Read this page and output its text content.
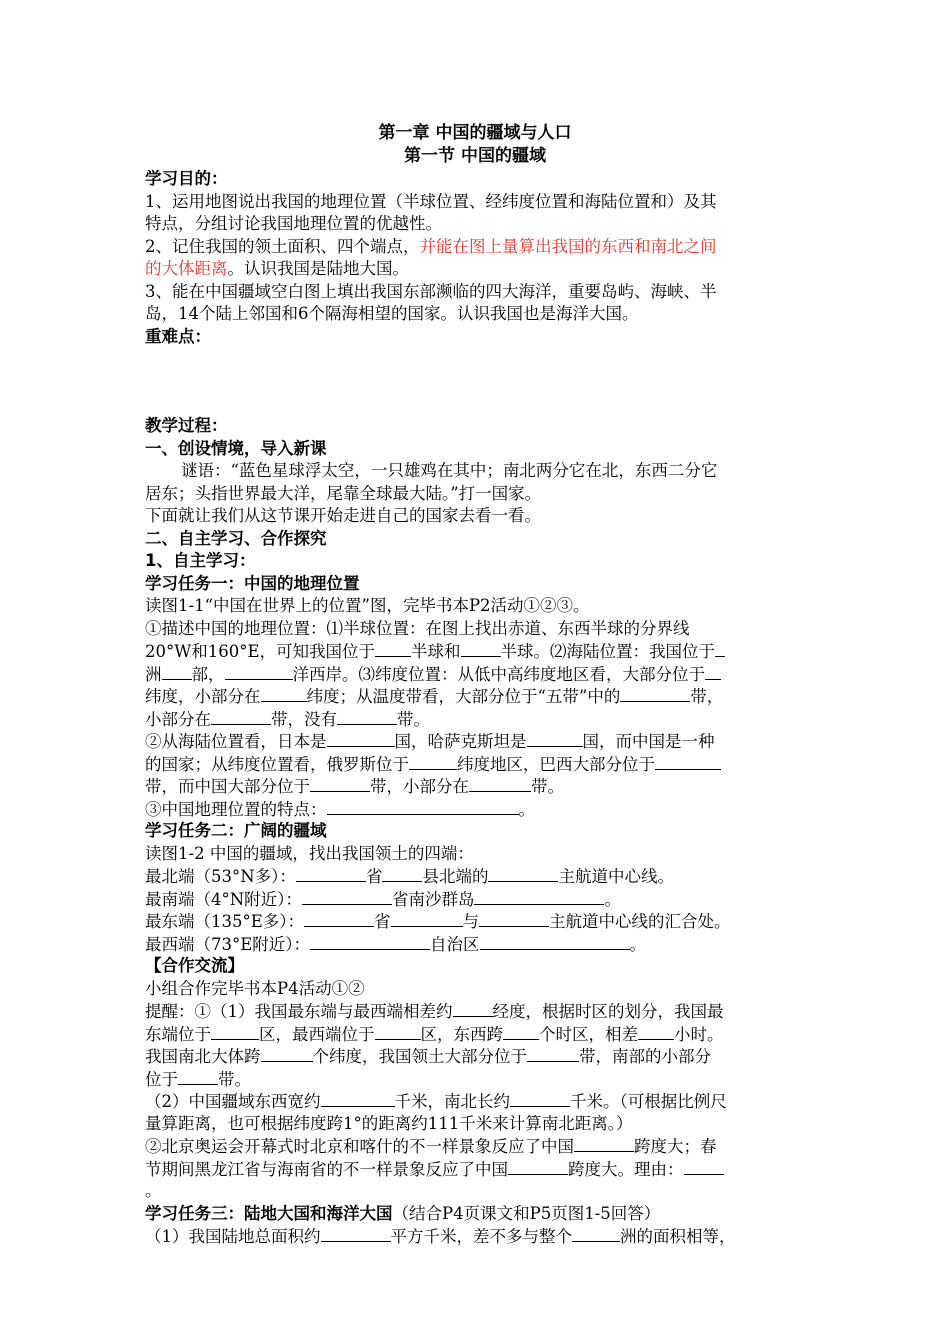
第一章 中国的疆域与人口
第一节 中国的疆域
学习目的：
1、运用地图说出我国的地理位置（半球位置、经纬度位置和海陆位置和）及其
特点，分组讨论我国地理位置的优越性。
2、记住我国的领土面积、四个端点，并能在图上量算出我国的东西和南北之间
的大体距离。认识我国是陆地大国。
3、能在中国疆域空白图上填出我国东部濒临的四大海洋，重要岛屿、海峡、半
岛，14个陆上邻国和6个隔海相望的国家。认识我国也是海洋大国。
重难点：
教学过程：
一、创设情境，导入新课
谜语：“蓝色星球浮太空，一只雄鸡在其中；南北两分它在北，东西二分它
居东；头指世界最大洋，尾靠全球最大陆。”打一国家。
下面就让我们从这节课开始走进自己的国家去看一看。
二、自主学习、合作探究
1、自主学习：
学习任务一：中国的地理位置
读图1-1“中国在世界上的位置”图，完毕书本P2活动①②③。
①描述中国的地理位置：⑴半球位置：在图上找出赤道、东西半球的分界线
20°W和160°E，可知我国位于 半球和 半球。⑵海陆位置：我国位于
洲 部，	洋西岸。⑶纬度位置：从低中高纬度地区看，大部分位于
纬度，小部分在	纬度；从温度带看，大部分位于“五带”中的	带，
小部分在	带，没有	带。
②从海陆位置看，日本是	国，哈萨克斯坦是	国，而中国是一种
的国家；从纬度位置看，俄罗斯位于	纬度地区，巴西大部分位于
带，而中国大部分位于	带，小部分在	带。
③中国地理位置的特点：	。
学习任务二：广阔的疆域
读图1-2 中国的疆域，找出我国领土的四端：
最北端（53°N多）：	省 县北端的	主航道中心线。
最南端（4°N附近）：	省南沙群岛	。
最东端（135°E多）：	省	与	主航道中心线的汇合处。
最西端（73°E附近）：	自治区	。
【合作交流】
小组合作完毕书本P4活动①②
提醒：①（1）我国最东端与最西端相差约 经度，根据时区的划分，我国最
东端位于	区，最西端位于	区，东西跨 个时区，相差 小时。
我国南北大体跨	个纬度，我国领土大部分位于	带，南部的小部分
位于 带。
（2）中国疆域东西宽约	千米，南北长约	千米。（可根据比例尺
量算距离，也可根据纬度跨1°的距离约111千米来计算南北距离。）
②北京奥运会开幕式时北京和喀什的不一样景象反应了中国	跨度大；春
节期间黑龙江省与海南省的不一样景象反应了中国	跨度大。理由：
。
学习任务三：陆地大国和海洋大国（结合P4页课文和P5页图1-5回答）
（1）我国陆地总面积约	平方千米，差不多与整个	洲的面积相等，
